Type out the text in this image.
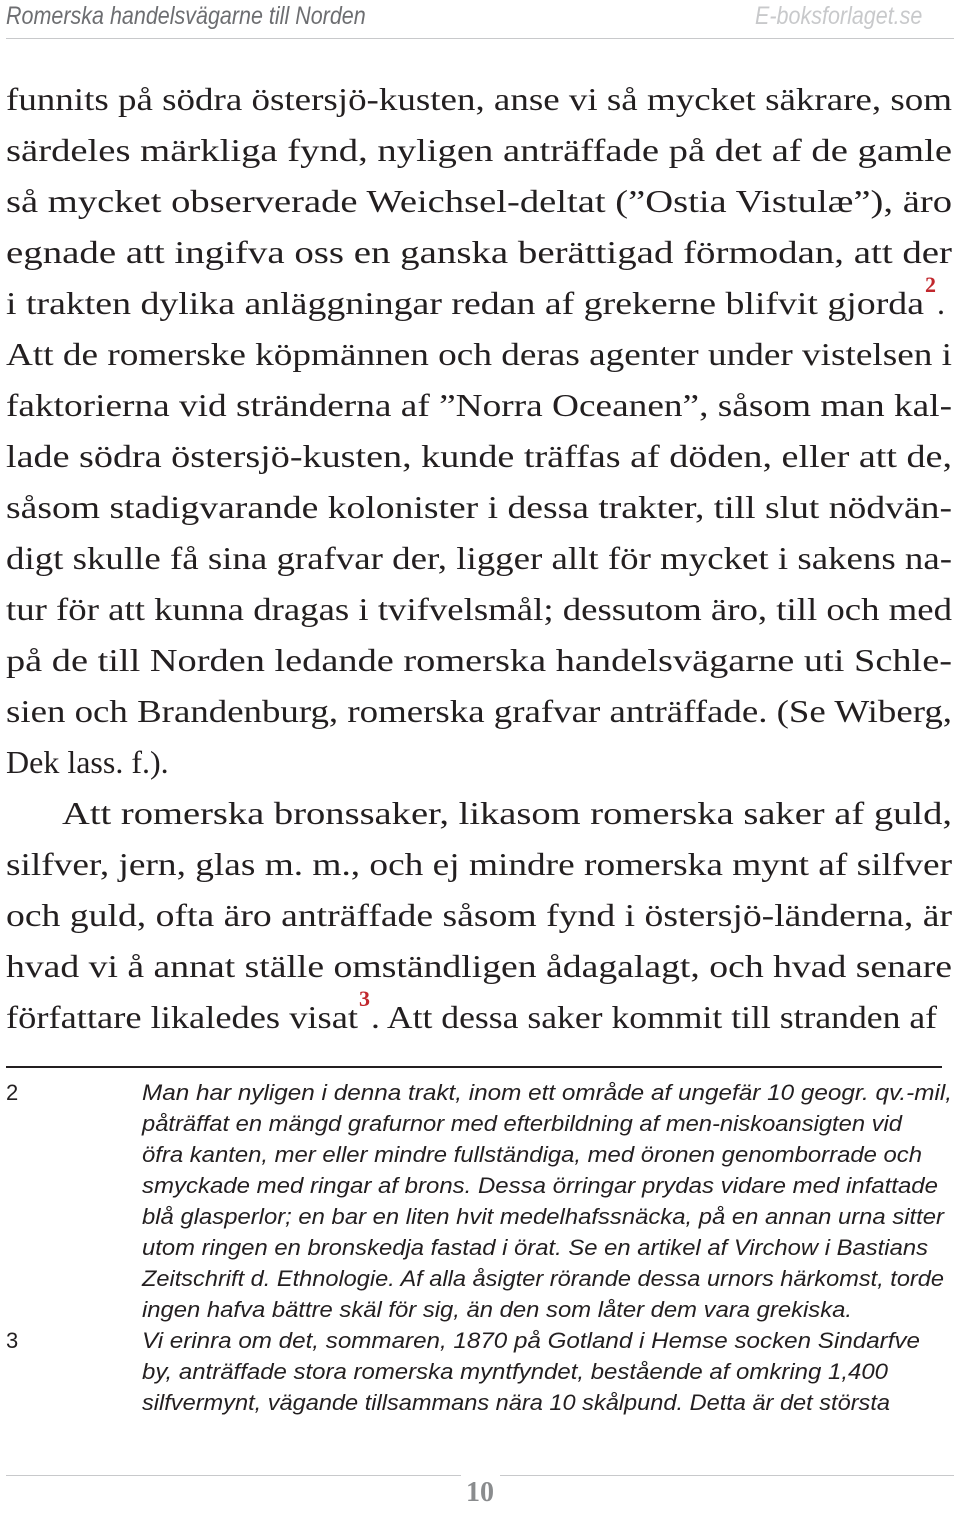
Romerska handelsvägarne till Norden	E-boksforlaget.se
funnits på södra östersjö-kusten, anse vi så mycket säkrare, som
särdeles märkliga fynd, nyligen anträffade på det af de gamle
så mycket observerade Weichsel-deltat (”Ostia Vistulæ”), äro
egnade att ingifva oss en ganska berättigad förmodan, att der
i trakten dylika anläggningar redan af grekerne blifvit gjorda$^2$.
Att de romerske köpmännen och deras agenter under vistelsen i
faktorierna vid stränderna af ”Norra Oceanen”, såsom man kal-
lade södra östersjö-kusten, kunde träffas af döden, eller att de,
såsom stadigvarande kolonister i dessa trakter, till slut nödvän-
digt skulle få sina grafvar der, ligger allt för mycket i sakens na-
tur för att kunna dragas i tvifvelsmål; dessutom äro, till och med
på de till Norden ledande romerska handelsvägarne uti Schle-
sien och Brandenburg, romerska grafvar anträffade. (Se Wiberg,
Dek lass. f.).
Att romerska bronssaker, likasom romerska saker af guld,
silfver, jern, glas m. m., och ej mindre romerska mynt af silfver
och guld, ofta äro anträffade såsom fynd i östersjö-länderna, är
hvad vi å annat ställe omständligen ådagalagt, och hvad senare
författare likaledes visat$^3$. Att dessa saker kommit till stranden af
2	Man har nyligen i denna trakt, inom ett område af ungefär 10 geogr. qv.-mil,
påträffat en mängd grafurnor med efterbildning af men-niskoansigten vid
öfra kanten, mer eller mindre fullständiga, med öronen genomborrade och
smyckade med ringar af brons. Dessa örringar prydas vidare med infattade
blå glasperlor; en bar en liten hvit medelhafssnäcka, på en annan urna sitter
utom ringen en bronskedja fastad i örat. Se en artikel af Virchow i Bastians
Zeitschrift d. Ethnologie. Af alla åsigter rörande dessa urnors härkomst, torde
ingen hafva bättre skäl för sig, än den som låter dem vara grekiska.
3	Vi erinra om det, sommaren, 1870 på Gotland i Hemse socken Sindarfve
by, anträffade stora romerska myntfyndet, bestående af omkring 1,400
silfvermynt, vägande tillsammans nära 10 skålpund. Detta är det största
10
